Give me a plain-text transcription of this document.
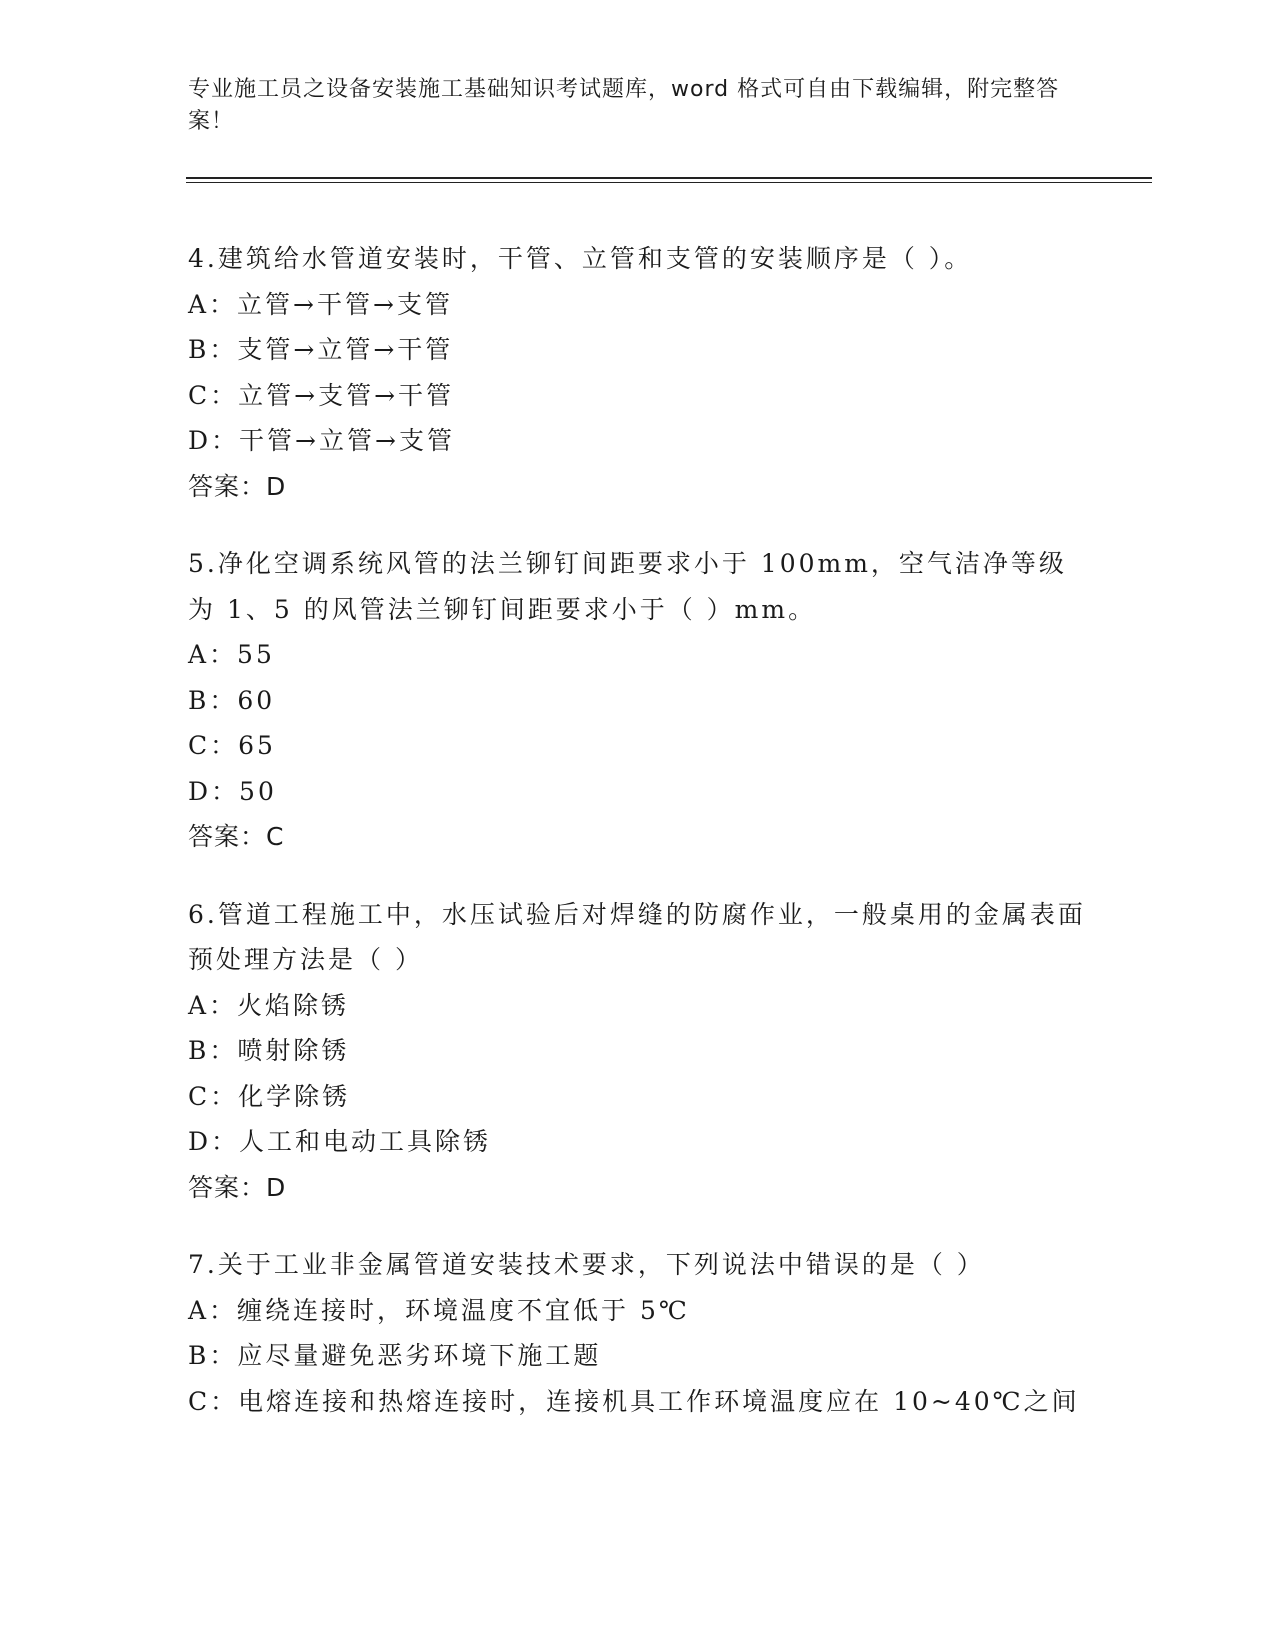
专业施工员之设备安装施工基础知识考试题库，word 格式可自由下载编辑，附完整答案！
4.建筑给水管道安装时，干管、立管和支管的安装顺序是（ ）。
A：立管→干管→支管
B：支管→立管→干管
C：立管→支管→干管
D：干管→立管→支管
答案：D
5.净化空调系统风管的法兰铆钉间距要求小于 100mm，空气洁净等级为 1、5 的风管法兰铆钉间距要求小于（ ）mm。
A：55
B：60
C：65
D：50
答案：C
6.管道工程施工中，水压试验后对焊缝的防腐作业，一般桌用的金属表面预处理方法是（ ）
A：火焰除锈
B：喷射除锈
C：化学除锈
D：人工和电动工具除锈
答案：D
7.关于工业非金属管道安装技术要求，下列说法中错误的是（ ）
A：缠绕连接时，环境温度不宜低于 5℃
B：应尽量避免恶劣环境下施工题
C：电熔连接和热熔连接时，连接机具工作环境温度应在 10~40℃之间
